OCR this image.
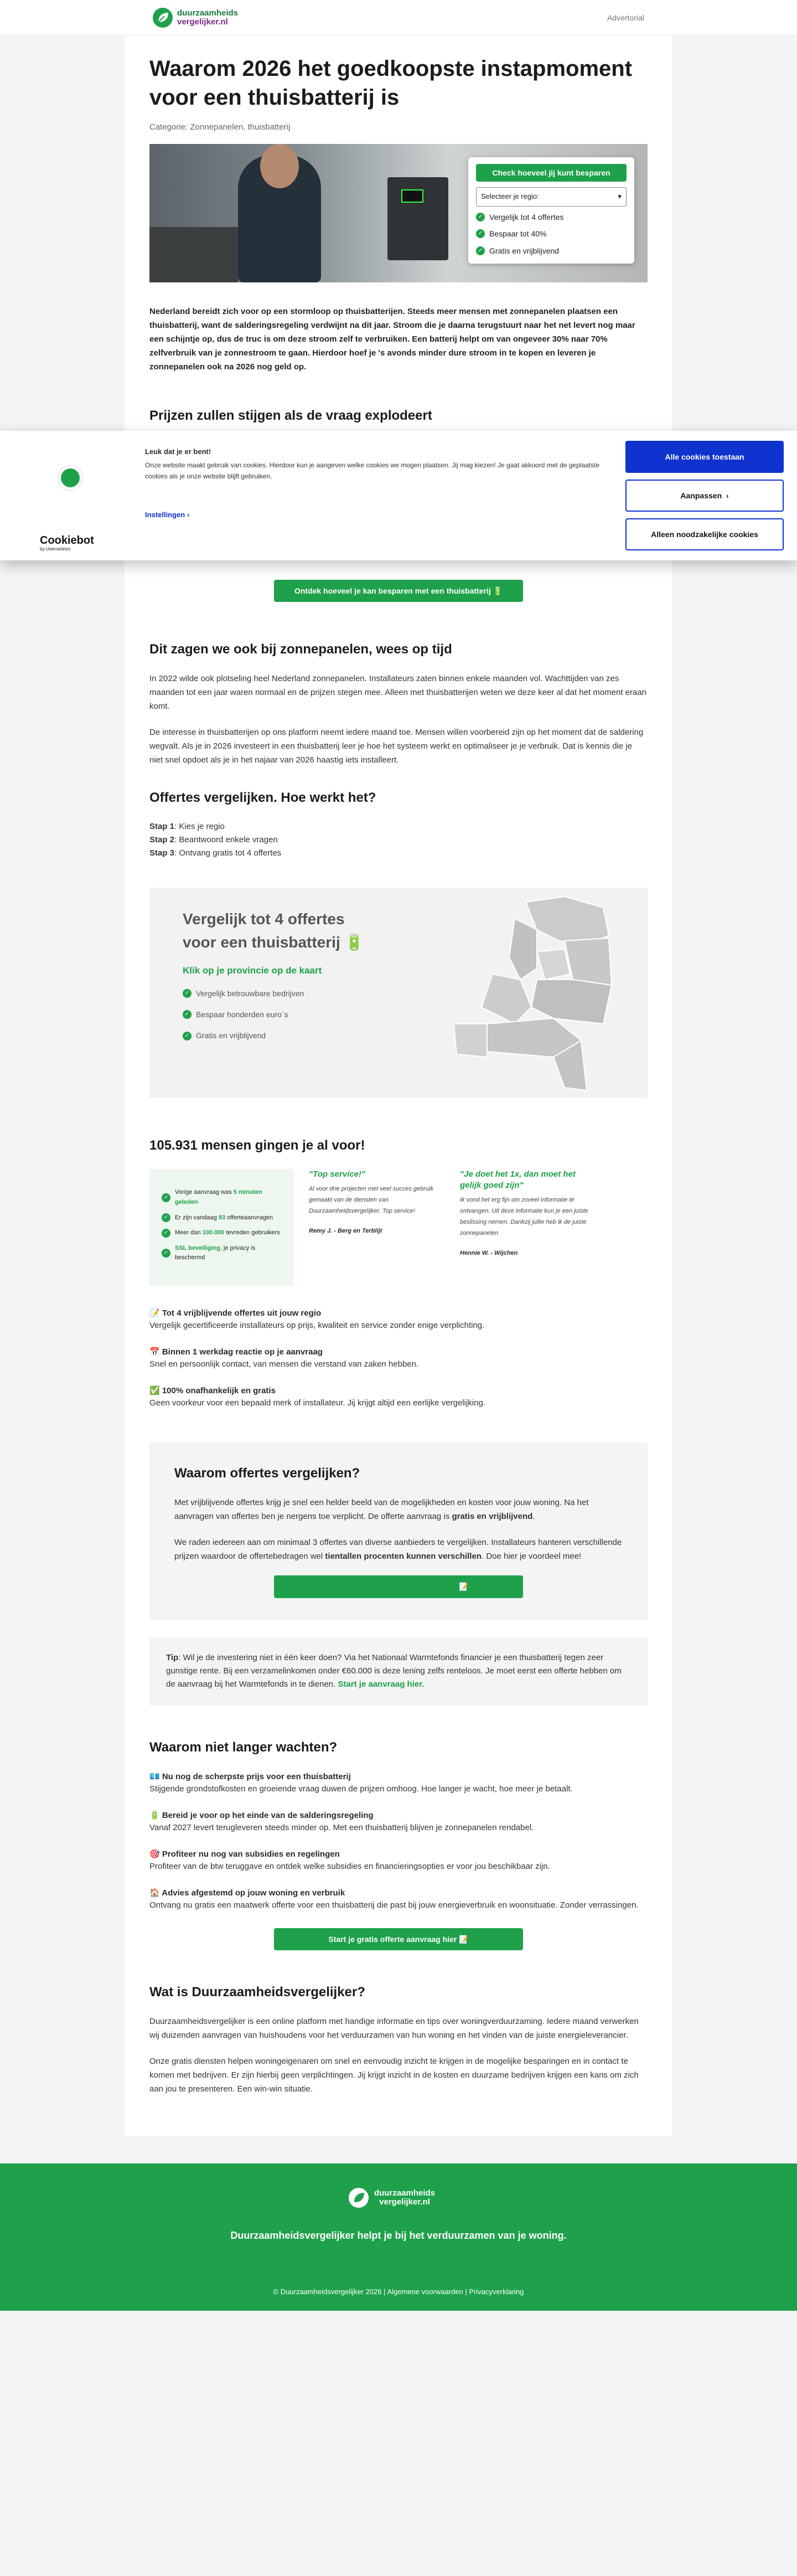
duurzaamheids
vergelijker.nl	Advertorial
Cookiebot
by Usercentrics
Leuk dat je er bent!
Onze website maakt gebruik van cookies. Hierdoor kun je aangeven welke cookies we mogen plaatsen. Jij mag kiezen! Je gaat akkoord met de geplaatste cookies als je onze website blijft gebruiken.
Instellingen ›
Alle cookies toestaan
Aanpassen
›
Alleen noodzakelijke cookies
Waarom 2026 het goedkoopste instapmoment voor een thuisbatterij is
Categorie: Zonnepanelen, thuisbatterij
Check hoeveel jij kunt besparen
Selecteer je regio:	▾
✓ Vergelijk tot 4 offertes
✓ Bespaar tot 40%
✓ Gratis en vrijblijvend

Nederland bereidt zich voor op een stormloop op thuisbatterijen. Steeds meer mensen met zonnepanelen plaatsen een thuisbatterij, want de salderingsregeling verdwijnt na dit jaar. Stroom die je daarna terugstuurt naar het net levert nog maar een schijntje op, dus de truc is om deze stroom zelf te verbruiken. Een batterij helpt om van ongeveer 30% naar 70% zelfverbruik van je zonnestroom te gaan. Hierdoor hoef je 's avonds minder dure stroom in te kopen en leveren je zonnepanelen ook na 2026 nog geld op.

Prijzen zullen stijgen als de vraag explodeert
Ontdek hoeveel je kan besparen met een thuisbatterij 🔋
Dit zagen we ook bij zonnepanelen, wees op tijd

In 2022 wilde ook plotseling heel Nederland zonnepanelen. Installateurs zaten binnen enkele maanden vol. Wachttijden van zes maanden tot een jaar waren normaal en de prijzen stegen mee. Alleen met thuisbatterijen weten we deze keer al dat het moment eraan komt.

De interesse in thuisbatterijen op ons platform neemt iedere maand toe. Mensen willen voorbereid zijn op het moment dat de saldering wegvalt. Als je in 2026 investeert in een thuisbatterij leer je hoe het systeem werkt en optimaliseer je je verbruik. Dat is kennis die je niet snel opdoet als je in het najaar van 2026 haastig iets installeert.

Offertes vergelijken. Hoe werkt het?

Stap 1: Kies je regio

Stap 2: Beantwoord enkele vragen

Stap 3: Ontvang gratis tot 4 offertes

Vergelijk tot 4 offertes voor een thuisbatterij 🔋
Klik op je provincie op de kaart
✓ Vergelijk betrouwbare bedrijven
✓ Bespaar honderden euro´s
✓ Gratis en vrijblijvend
105.931 mensen gingen je al voor!
✓
Vorige aanvraag was 5 minuten geleden
✓	Er zijn vandaag 93 offerteaanvragen
✓	Meer dan 100.000 tevreden gebruikers
✓
SSL beveiliging, je privacy is beschermd
"Top service!"
Al voor drie projecten met veel succes gebruik gemaakt van de diensten van Duurzaamheidsvergelijker. Top service!
Remy J. - Berg en Terblijt
"Je doet het 1x, dan moet het gelijk goed zijn"
Ik vond het erg fijn om zoveel informatie te ontvangen. Uit deze informatie kun je een juiste beslissing nemen. Dankzij jullie heb ik de juiste zonnepanelen
Hennie W. - Wijchen
📝 Tot 4 vrijblijvende offertes uit jouw regio

Vergelijk gecertificeerde installateurs op prijs, kwaliteit en service zonder enige verplichting.

📅 Binnen 1 werkdag reactie op je aanvraag

Snel en persoonlijk contact, van mensen die verstand van zaken hebben.

✅ 100% onafhankelijk en gratis

Geen voorkeur voor een bepaald merk of installateur. Jij krijgt altijd een eerlijke vergelijking.

Waarom offertes vergelijken?

Met vrijblijvende offertes krijg je snel een helder beeld van de mogelijkheden en kosten voor jouw woning. Na het aanvragen van offertes ben je nergens toe verplicht. De offerte aanvraag is gratis en vrijblijvend.

We raden iedereen aan om minimaal 3 offertes van diverse aanbieders te vergelijken. Installateurs hanteren verschillende prijzen waardoor de offertebedragen wel tientallen procenten kunnen verschillen. Doe hier je voordeel mee!

Start je gratis offerte aanvraag hier 📝
Tip: Wil je de investering niet in één keer doen? Via het Nationaal Warmtefonds financier je een thuisbatterij tegen zeer gunstige rente. Bij een verzamelinkomen onder €60.000 is deze lening zelfs renteloos. Je moet eerst een offerte hebben om de aanvraag bij het Warmtefonds in te dienen. Start je aanvraag hier.
Waarom niet langer wachten?
💶 Nu nog de scherpste prijs voor een thuisbatterij

Stijgende grondstofkosten en groeiende vraag duwen de prijzen omhoog. Hoe langer je wacht, hoe meer je betaalt.

🔋 Bereid je voor op het einde van de salderingsregeling

Vanaf 2027 levert terugleveren steeds minder op. Met een thuisbatterij blijven je zonnepanelen rendabel.

🎯 Profiteer nu nog van subsidies en regelingen

Profiteer van de btw teruggave en ontdek welke subsidies en financieringsopties er voor jou beschikbaar zijn.

🏠 Advies afgestemd op jouw woning en verbruik

Ontvang nu gratis een maatwerk offerte voor een thuisbatterij die past bij jouw energieverbruik en woonsituatie. Zonder verrassingen.

Start je gratis offerte aanvraag hier 📝
Wat is Duurzaamheidsvergelijker?

Duurzaamheidsvergelijker is een online platform met handige informatie en tips over woningverduurzaming. Iedere maand verwerken wij duizenden aanvragen van huishoudens voor het verduurzamen van hun woning en het vinden van de juiste energieleverancier.

Onze gratis diensten helpen woningeigenaren om snel en eenvoudig inzicht te krijgen in de mogelijke besparingen en in contact te komen met bedrijven. Er zijn hierbij geen verplichtingen. Jij krijgt inzicht in de kosten en duurzame bedrijven krijgen een kans om zich aan jou te presenteren. Een win-win situatie.

duurzaamheids
vergelijker.nl
Duurzaamheidsvergelijker helpt je bij het verduurzamen van je woning.
© Duurzaamheidsvergelijker 2026 | Algemene voorwaarden | Privacyverklaring
